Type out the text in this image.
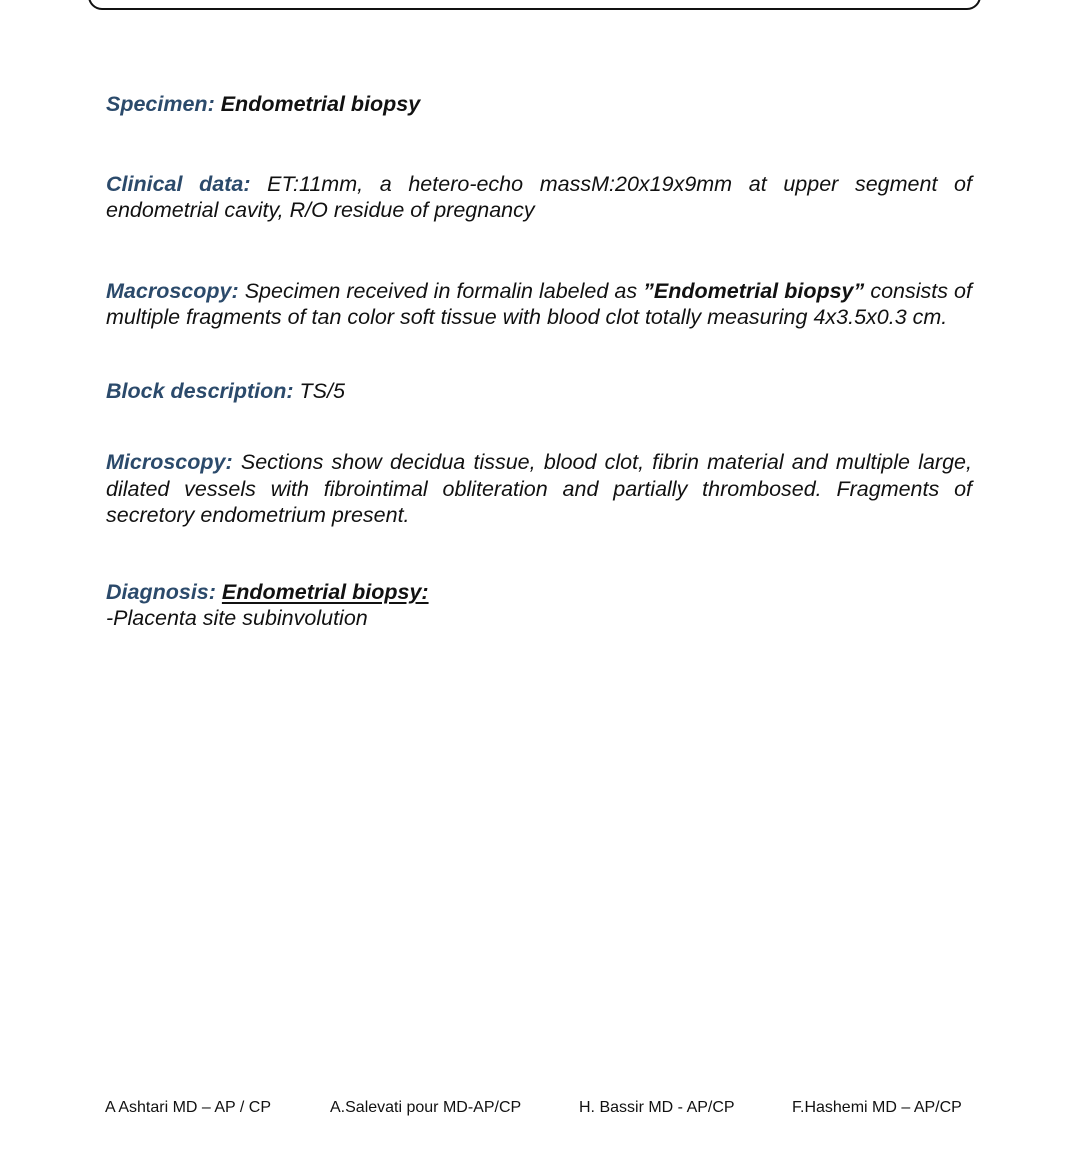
Specimen: Endometrial biopsy
Clinical data: ET:11mm, a hetero-echo massM:20x19x9mm at upper segment of endometrial cavity, R/O residue of pregnancy
Macroscopy: Specimen received in formalin labeled as ”Endometrial biopsy” consists of multiple fragments of tan color soft tissue with blood clot totally measuring 4x3.5x0.3 cm.
Block description: TS/5
Microscopy: Sections show decidua tissue, blood clot, fibrin material and multiple large, dilated vessels with fibrointimal obliteration and partially thrombosed. Fragments of secretory endometrium present.
Diagnosis: Endometrial biopsy:
-Placenta site subinvolution
A Ashtari MD – AP / CP	A.Salevati pour MD-AP/CP	H. Bassir MD - AP/CP	F.Hashemi MD – AP/CP
